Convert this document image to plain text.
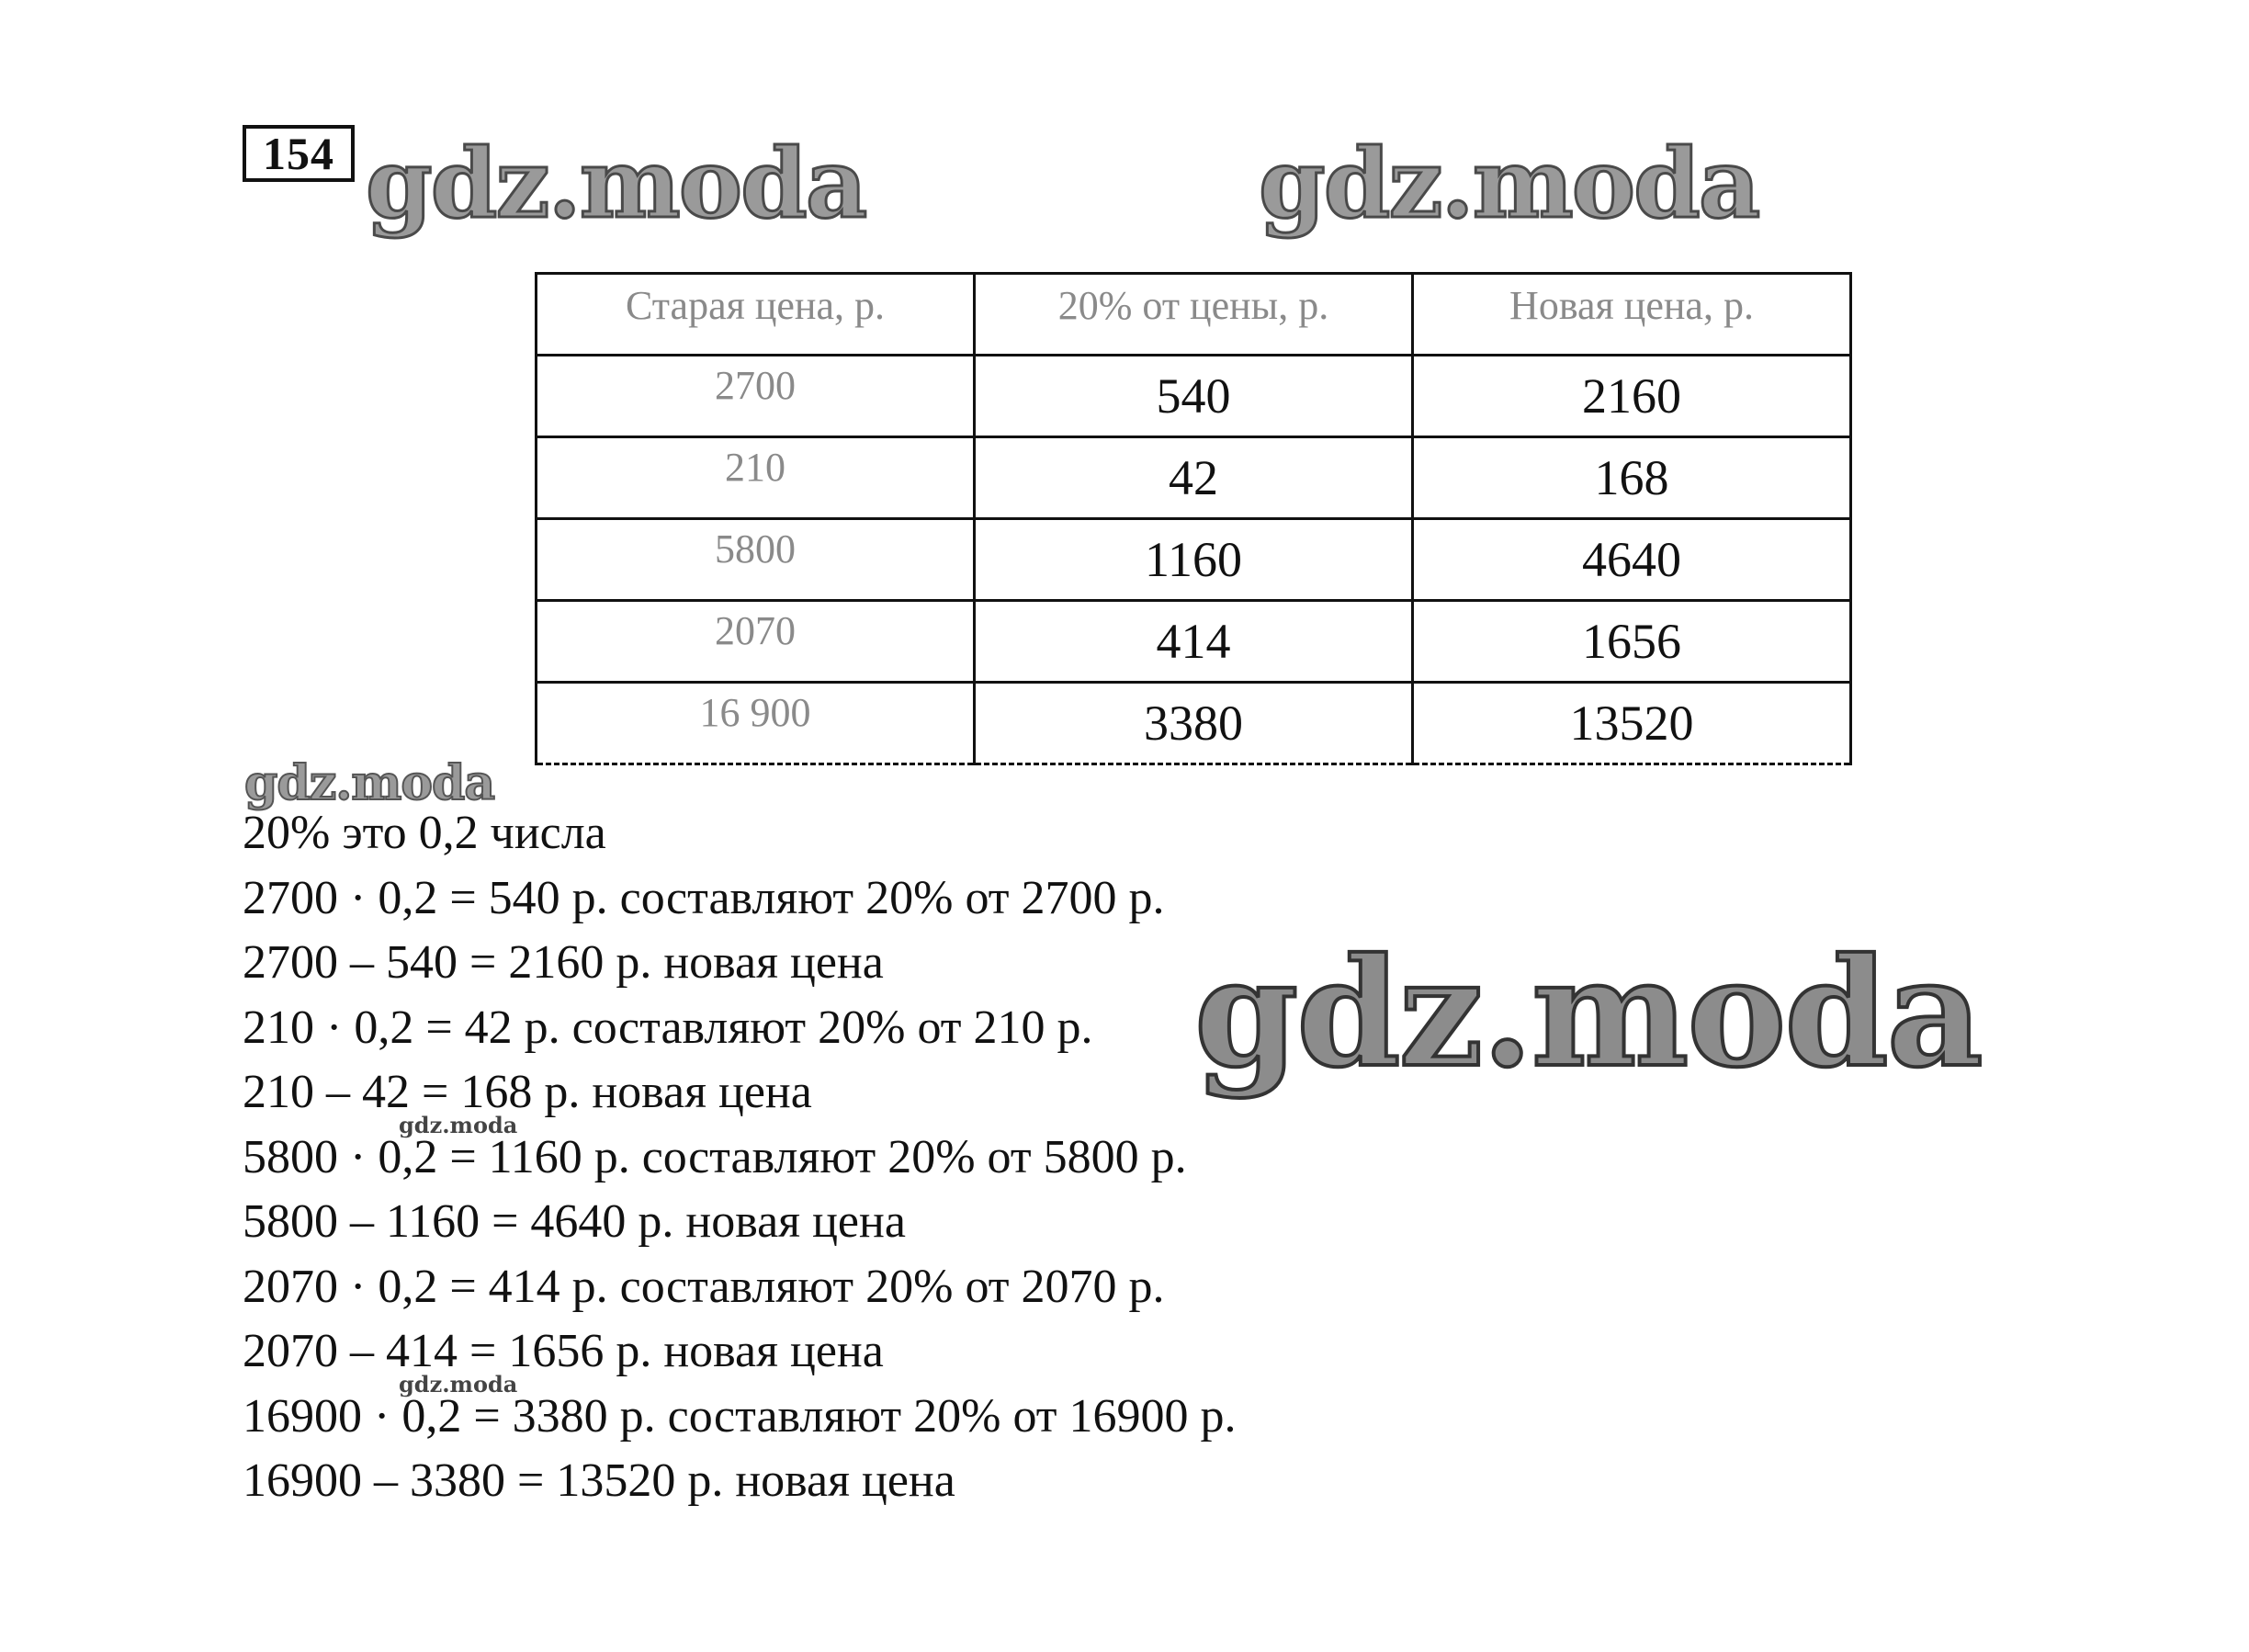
154 gdz.moda	gdz.moda
Старая цена, р.	20% от цены, р.	Новая цена, р.
2700	540	2160
210	42	168
5800	1160	4640
2070	414	1656
16 900	3380	13520
gdz.moda
20% это 0,2 числа
2700 · 0,2 = 540 р. составляют 20% от 2700 р.
2700 – 540 = 2160 р. новая цена
210 · 0,2 = 42 р. составляют 20% от 210 р.
210 – 42 = 168 р. новая цена
5800 · 0,2 = 1160 р. составляют 20% от 5800 р.
5800 – 1160 = 4640 р. новая цена
2070 · 0,2 = 414 р. составляют 20% от 2070 р.
2070 – 414 = 1656 р. новая цена
16900 · 0,2 = 3380 р. составляют 20% от 16900 р.
16900 – 3380 = 13520 р. новая цена
gdz.moda
gdz.moda
gdz.moda
